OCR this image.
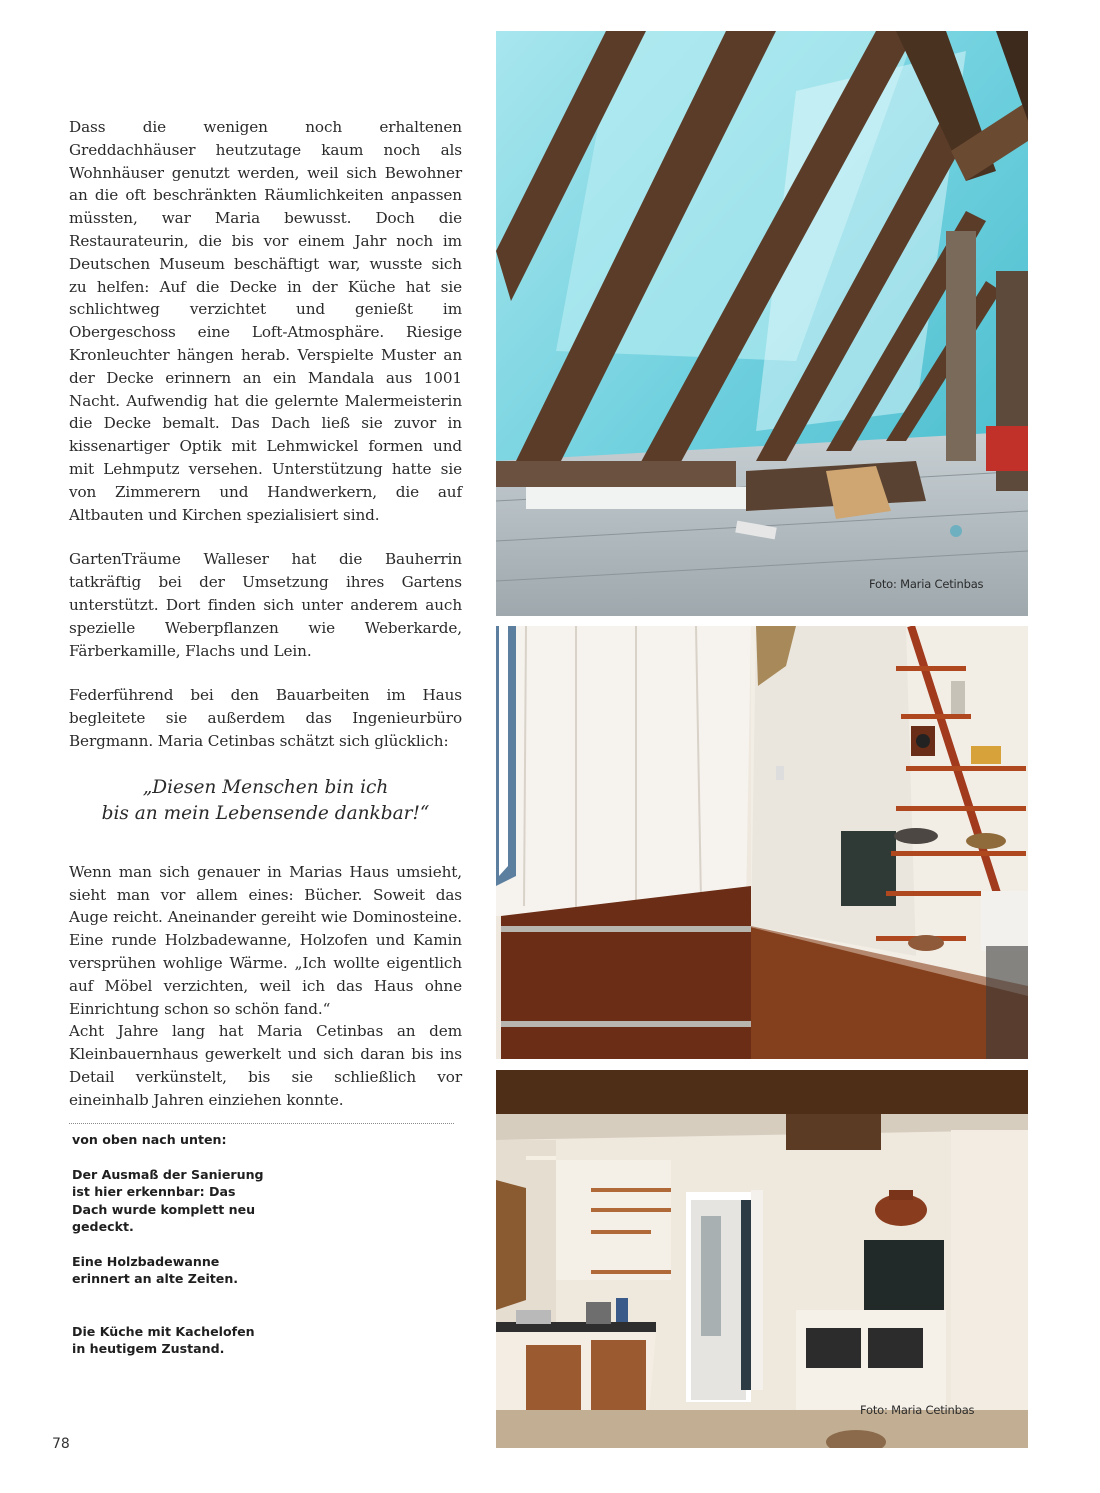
Dass die wenigen noch erhaltenen Greddachhäuser heutzutage kaum noch als Wohnhäuser genutzt werden, weil sich Bewohner an die oft beschränkten Räumlichkeiten anpassen müssten, war Maria bewusst. Doch die Restaurateurin, die bis vor einem Jahr noch im Deutschen Museum beschäftigt war, wusste sich zu helfen: Auf die Decke in der Küche hat sie schlichtweg verzichtet und genießt im Obergeschoss eine Loft-Atmosphäre. Riesige Kronleuchter hängen herab. Verspielte Muster an der Decke erinnern an ein Mandala aus 1001 Nacht. Aufwendig hat die gelernte Malermeisterin die Decke bemalt. Das Dach ließ sie zuvor in kissenartiger Optik mit Lehmwickel formen und mit Lehmputz versehen. Unterstützung hatte sie von Zimmerern und Handwerkern, die auf Altbauten und Kirchen spezialisiert sind.

GartenTräume Walleser hat die Bauherrin tatkräftig bei der Umsetzung ihres Gartens unterstützt. Dort finden sich unter anderem auch spezielle Weberpflanzen wie Weberkarde, Färberkamille, Flachs und Lein.

Federführend bei den Bauarbeiten im Haus begleitete sie außerdem das Ingenieurbüro Bergmann. Maria Cetinbas schätzt sich glücklich:

„Diesen Menschen bin ich
bis an mein Lebensende dankbar!“

Wenn man sich genauer in Marias Haus umsieht, sieht man vor allem eines: Bücher. Soweit das Auge reicht. Aneinander gereiht wie Dominosteine. Eine runde Holzbadewanne, Holzofen und Kamin versprühen wohlige Wärme. „Ich wollte eigentlich auf Möbel verzichten, weil ich das Haus ohne Einrichtung schon so schön fand.“

Acht Jahre lang hat Maria Cetinbas an dem Kleinbauernhaus gewerkelt und sich daran bis ins Detail verkünstelt, bis sie schließlich vor eineinhalb Jahren einziehen konnte.

von oben nach unten:

Der Ausmaß der Sanierung ist hier erkennbar: Das Dach wurde komplett neu gedeckt.

Eine Holzbadewanne erinnert an alte Zeiten.

Die Küche mit Kachelofen in heutigem Zustand.

78
Foto: Maria Cetinbas
Foto: Maria Cetinbas
